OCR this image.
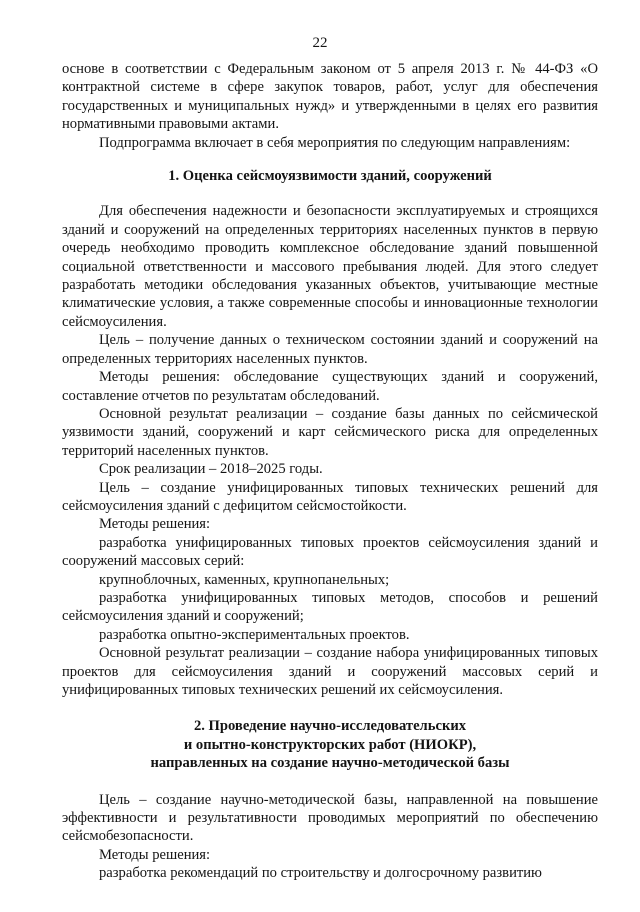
22

основе в соответствии с Федеральным законом от 5 апреля 2013 г. № 44-ФЗ «О контрактной системе в сфере закупок товаров, работ, услуг для обеспечения государственных и муниципальных нужд» и утвержденными в целях его развития нормативными правовыми актами.

Подпрограмма включает в себя мероприятия по следующим направлениям:

1. Оценка сейсмоуязвимости зданий, сооружений

Для обеспечения надежности и безопасности эксплуатируемых и строящихся зданий и сооружений на определенных территориях населенных пунктов в первую очередь необходимо проводить комплексное обследование зданий повышенной социальной ответственности и массового пребывания людей. Для этого следует разработать методики обследования указанных объектов, учитывающие местные климатические условия, а также современные способы и инновационные технологии сейсмоусиления.

Цель – получение данных о техническом состоянии зданий и сооружений на определенных территориях населенных пунктов.

Методы решения: обследование существующих зданий и сооружений, составление отчетов по результатам обследований.

Основной результат реализации – создание базы данных по сейсмической уязвимости зданий, сооружений и карт сейсмического риска для определенных территорий населенных пунктов.

Срок реализации – 2018–2025 годы.

Цель – создание унифицированных типовых технических решений для сейсмоусиления зданий с дефицитом сейсмостойкости.

Методы решения:

разработка унифицированных типовых проектов сейсмоусиления зданий и сооружений массовых серий:

крупноблочных, каменных, крупнопанельных;

разработка унифицированных типовых методов, способов и решений сейсмоусиления зданий и сооружений;

разработка опытно-экспериментальных проектов.

Основной результат реализации – создание набора унифицированных типовых проектов для сейсмоусиления зданий и сооружений массовых серий и унифицированных типовых технических решений их сейсмоусиления.

2. Проведение научно-исследовательских
и опытно-конструкторских работ (НИОКР),
направленных на создание научно-методической базы

Цель – создание научно-методической базы, направленной на повышение эффективности и результативности проводимых мероприятий по обеспечению сейсмобезопасности.

Методы решения:

разработка рекомендаций по строительству и долгосрочному развитию
